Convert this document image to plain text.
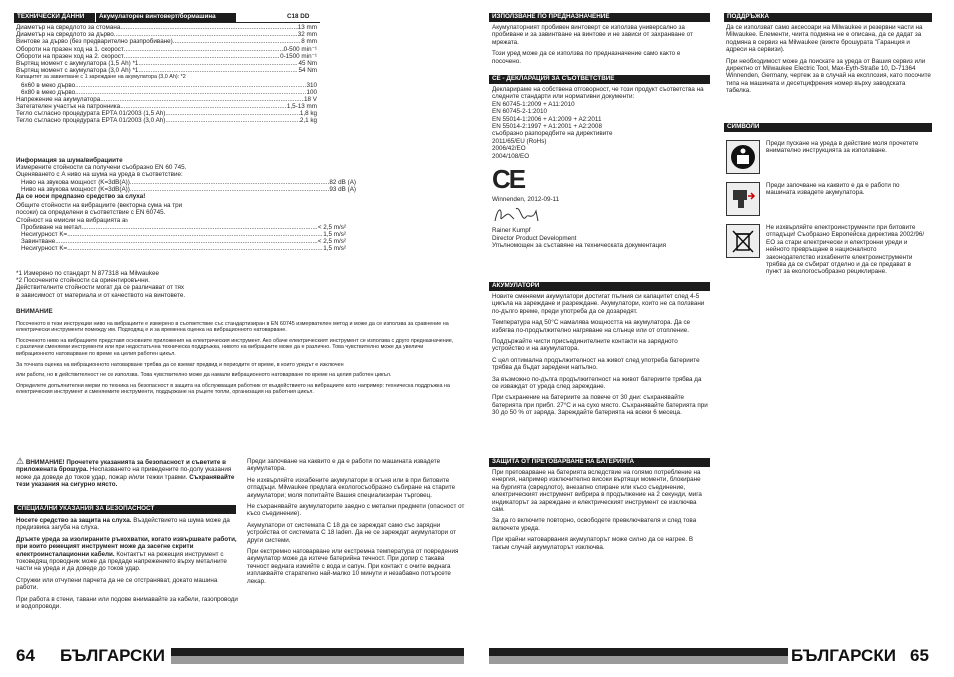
ТЕХНИЧЕСКИ ДАННИ	Акумулаторен винтоверт/бормашина	C18 DD
Диаметър на свредлото за стомана .....	13 mm
Диаметър на свредлото за дърво .....	32 mm
Винтове за дърво (без предварително разпробиване) .....	8 mm
Обороти на празен ход на 1. скорост .....	0-500 min⁻¹
Обороти на празен ход на 2. скорост .....	0-1500 min⁻¹
Въртящ момент с акумулатора (1,5 Ah) *1 .....	45 Nm
Въртящ момент с акумулатора (3,0 Ah) *1 .....	54 Nm
Капацитет за завинтване с 1 зареждане на акумулатора (3,0 Ah): *2
6x60 в меко дърво .....	310
6x80 в меко дърво .....	100
Напрежение на акумулатора .....	18 V
Затегателен участък на патронника .....	1,5-13 mm
Тегло съгласно процедурата EPTA 01/2003 (1,5 Ah) .....	1,8 kg
Тегло съгласно процедурата EPTA 01/2003 (3,0 Ah) .....	2,1 kg
Информация за шума/вибрациите
Измерените стойности са получени съобразно EN 60 745.
Оценяването с А ниво на шума на уреда в съответствие:
Ниво на звукова мощност (K=3dB(A)) .....	82 dB (A)
Ниво на звукова мощност (K=3dB(A)) .....	93 dB (A)
Да се носи предпазно средство за слуха!
Общите стойности на вибрациите (векторна сума на три
посоки) са определени в съответствие с EN 60745.
Стойност на емисии на вибрацията a h
Пробиване на метал .....	< 2,5 m/s²
Несигурност K= .....	1,5 m/s²
Завинтване .....	< 2,5 m/s²
Несигурност K= .....	1,5 m/s²
*1 Измерено по стандарт N 877318 на Milwaukee
*2 Посочените стойности са ориентировъчни.
Действителните стойности могат да се различават от тях
в зависимост от материала и от качеството на винтовете.
ВНИМАНИЕ

Посоченото в тези инструкции ниво на вибрациите е измерено в съответствие със стандартизиран в EN 60745 измервателен метод и може да се използва за сравнение на електрически инструменти помежду им. Подходящ е и за временна оценка на вибрационното натоварване.

Посоченото ниво на вибрациите представя основните приложения на електрическия инструмент. Ако обаче електрическият инструмент се използва с друго предназначение, с различни сменяеми инструменти или при недостатъчна техническа поддръжка, нивото на вибрациите може да е различно. Това чувствително може да увеличи вибрационното натоварване по време на целия работен цикъл.

За точната оценка на вибрационното натоварване трябва да се вземат предвид и периодите от време, в които уредът е изключен

или работи, но в действителност не се използва. Това чувствително може да намали вибрационното натоварване по време на целия работен цикъл.

Определете допълнителни мерки по техника на безопасност в защита на обслужващия работник от въздействието на вибрациите като например: техническа поддръжка на електрическия инструмент и сменяемите инструменти, поддържане на ръцете топли, организация на работния цикъл.

⚠ ВНИМАНИЕ! Прочетете указанията за безопасност и съветите в приложената брошура. Неспазването на приведените по-долу указания може да доведе до токов удар, пожар и/или тежки травми. Съхранявайте тези указания на сигурно място.

СПЕЦИАЛНИ УКАЗАНИЯ ЗА БЕЗОПАСНОСТ

Носете средство за защита на слуха. Въздействието на шума може да предизвика загуба на слуха.

Дръжте уреда за изолираните ръкохватки, когато извършвате работи, при които режещият инструмент може да засегне скрити електроинсталационни кабели. Контактът на режещия инструмент с токоведящ проводник може да предаде напрежението върху металните части на уреда и да доведе до токов удар.

Стружки или отчупени парчета да не се отстраняват, докато машина работи.

При работа в стени, тавани или подове внимавайте за кабели, газопроводи и водопроводи.

Преди започване на каквито е да е работи по машината извадете акумулатора.

Не изхвърляйте изхабените акумулатори в огъня или в при битовите отпадъци. Milwaukee предлага екологосъобразно събиране на старите акумулатори; моля попитайте Вашия специализиран търговец.

Не съхранявайте акумулаторите заедно с метални предмети (опасност от късо съединение).

Акумулатори от системата C 18 да се зареждат само със зарядни устройства от системата C 18 laden. Да не се зареждат акумулатори от други системи.

При екстремно натоварване или екстремна температура от повредения акумулатор може да изтече батерийна течност. При допир с такава течност веднага измийте с вода и сапун. При контакт с очите веднага изплаквайте старателно най-малко 10 минути и незабавно потърсете лекар.

64 БЪЛГАРСКИ
ИЗПОЛЗВАНЕ ПО ПРЕДНАЗНАЧЕНИЕ

Акумулаторният пробивен винтоверт се използва универсално за пробиване и за завинтване на винтове и не зависи от захранване от мрежата.

Този уред може да се използва по предназначение само както е посочено.

СЕ - ДЕКЛАРАЦИЯ ЗА СЪОТВЕТСТВИЕ

Декларираме на собствена отговорност, че този продукт съответства на следните стандарти или нормативни документи:

EN 60745-1:2009 + A11:2010
EN 60745-2-1:2010
EN 55014-1:2006 + A1:2009 + A2:2011
EN 55014-2:1997 + A1:2001 + A2:2008
съобразно разпоредбите на директивите
2011/65/EU (RoHs)
2006/42/EO
2004/108/EO
CE
Winnenden, 2012-09-11
Rainer Kumpf
Director Product Development
Упълномощен за съставяне на техническата документация
АКУМУЛАТОРИ

Новите сменяеми акумулатори достигат пълния си капацитет след 4-5 цикъла на зареждане и разреждане. Акумулатори, които не са ползвани по-дълго време, преди употреба да се дозаредят.

Температура над 50°C намалява мощността на акумулатора. Да се избягва по-продължително нагряване на слънце или от отопление.

Поддържайте чисти присъединителните контакти на зарядното устройство и на акумулатора.

С цел оптимална продължителност на живот след употреба батериите трябва да бъдат заредени напълно.

За възможно по-дълга продължителност на живот батериите трябва да се изваждат от уреда след зареждане.

При съхранение на батериите за повече от 30 дни: съхранявайте батерията при прибл. 27°C и на сухо място. Съхранявайте батерията при 30 до 50 % от заряда. Зареждайте батерията на всеки 6 месеца.

ЗАЩИТА ОТ ПРЕТОВАРВАНЕ НА БАТЕРИЯТА

При претоварване на батерията вследствие на голямо потребление на енергия, например изключително високи въртящи моменти, блокиране на бургията (свредлото), внезапно спиране или късо съединение, електрическият инструмент вибрира в продължение на 2 секунди, мига индикаторът за зареждане и електрическият инструмент се изключва сам.

За да го включите повторно, освободете превключвателя и след това включете уреда.

При крайни натоварвания акумулаторът може силно да се нагрее. В такъм случай акумулаторът изключва.

ПОДДРЪЖКА

Да се използват само аксесоари на Milwaukee и резервни части на Milwaukee. Елементи, чиита подмяна не е описана, да се дадат за подмяна в сервиз на Milwaukee (вижте брошурата "Гаранция и адреси на сервизи).

При необходимост може да поискате за уреда от Вашия сервиз или директно от Milwaukee Electric Tool, Max-Eyth-Straße 10, D-71364 Winnenden, Germany, чертеж за в случай на експлозия, като посочите типа на машината и десетцифрения номер върху заводската табелка.

СИМВОЛИ
Преди пускане на уреда в действие моля прочетете внимателно инструкцията за използване.
Преди започване на каквито е да е работи по машината извадете акумулатора.
Не изхвърляйте електроинструменти при битовите отпадъци! Съобразно Европейска директива 2002/96/ЕО за стари електрически и електронни уреди и нейното превръщане в националното законодателство изхабените електроинструменти трябва да се събират отделно и да се предават в пункт за екологосъобразно рециклиране.
БЪЛГАРСКИ 65
